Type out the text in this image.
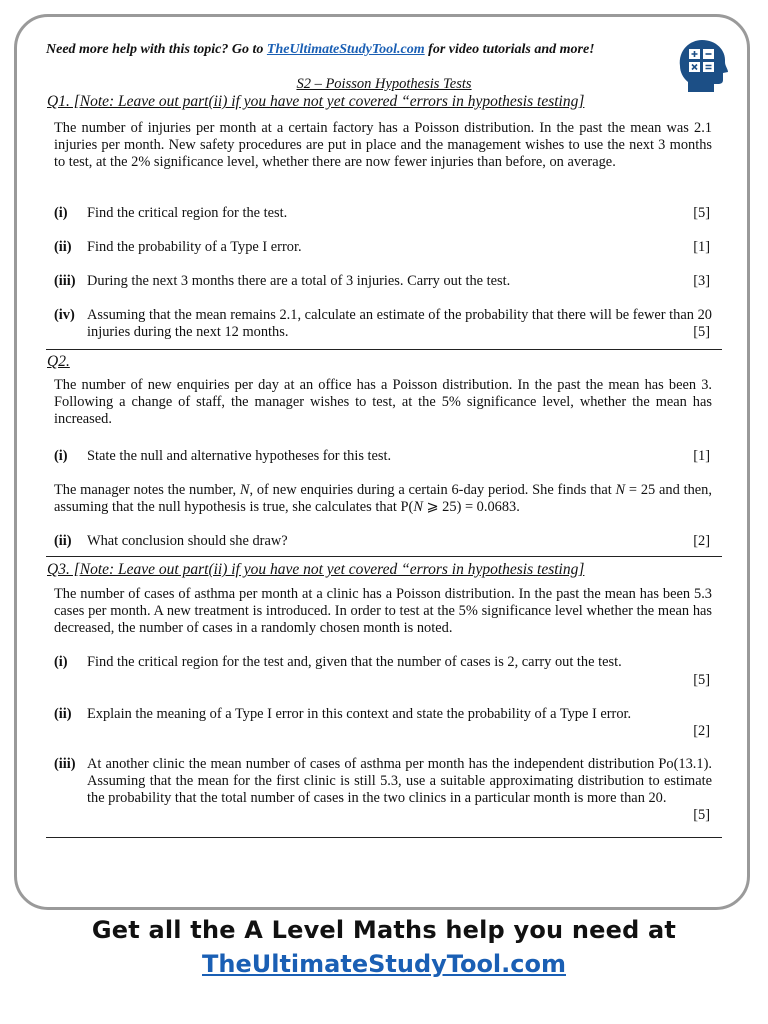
Need more help with this topic? Go to TheUltimateStudyTool.com for video tutorials and more!
S2 – Poisson Hypothesis Tests
Q1. [Note: Leave out part(ii) if you have not yet covered “errors in hypothesis testing]
The number of injuries per month at a certain factory has a Poisson distribution. In the past the mean was 2.1 injuries per month. New safety procedures are put in place and the management wishes to use the next 3 months to test, at the 2% significance level, whether there are now fewer injuries than before, on average.
(i) Find the critical region for the test.	[5]
(ii) Find the probability of a Type I error.	[1]
(iii) During the next 3 months there are a total of 3 injuries. Carry out the test.	[3]
(iv) Assuming that the mean remains 2.1, calculate an estimate of the probability that there will be fewer than 20 injuries during the next 12 months.	[5]
Q2.
The number of new enquiries per day at an office has a Poisson distribution. In the past the mean has been 3. Following a change of staff, the manager wishes to test, at the 5% significance level, whether the mean has increased.
(i) State the null and alternative hypotheses for this test.	[1]
The manager notes the number, N, of new enquiries during a certain 6-day period. She finds that N = 25 and then, assuming that the null hypothesis is true, she calculates that P(N ⩾ 25) = 0.0683.
(ii) What conclusion should she draw?	[2]
Q3. [Note: Leave out part(ii) if you have not yet covered “errors in hypothesis testing]
The number of cases of asthma per month at a clinic has a Poisson distribution. In the past the mean has been 5.3 cases per month. A new treatment is introduced. In order to test at the 5% significance level whether the mean has decreased, the number of cases in a randomly chosen month is noted.
(i) Find the critical region for the test and, given that the number of cases is 2, carry out the test.
[5]
(ii) Explain the meaning of a Type I error in this context and state the probability of a Type I error.
[2]
(iii) At another clinic the mean number of cases of asthma per month has the independent distribution Po(13.1). Assuming that the mean for the first clinic is still 5.3, use a suitable approximating distribution to estimate the probability that the total number of cases in the two clinics in a particular month is more than 20.
[5]
Get all the A Level Maths help you need at
TheUltimateStudyTool.com
